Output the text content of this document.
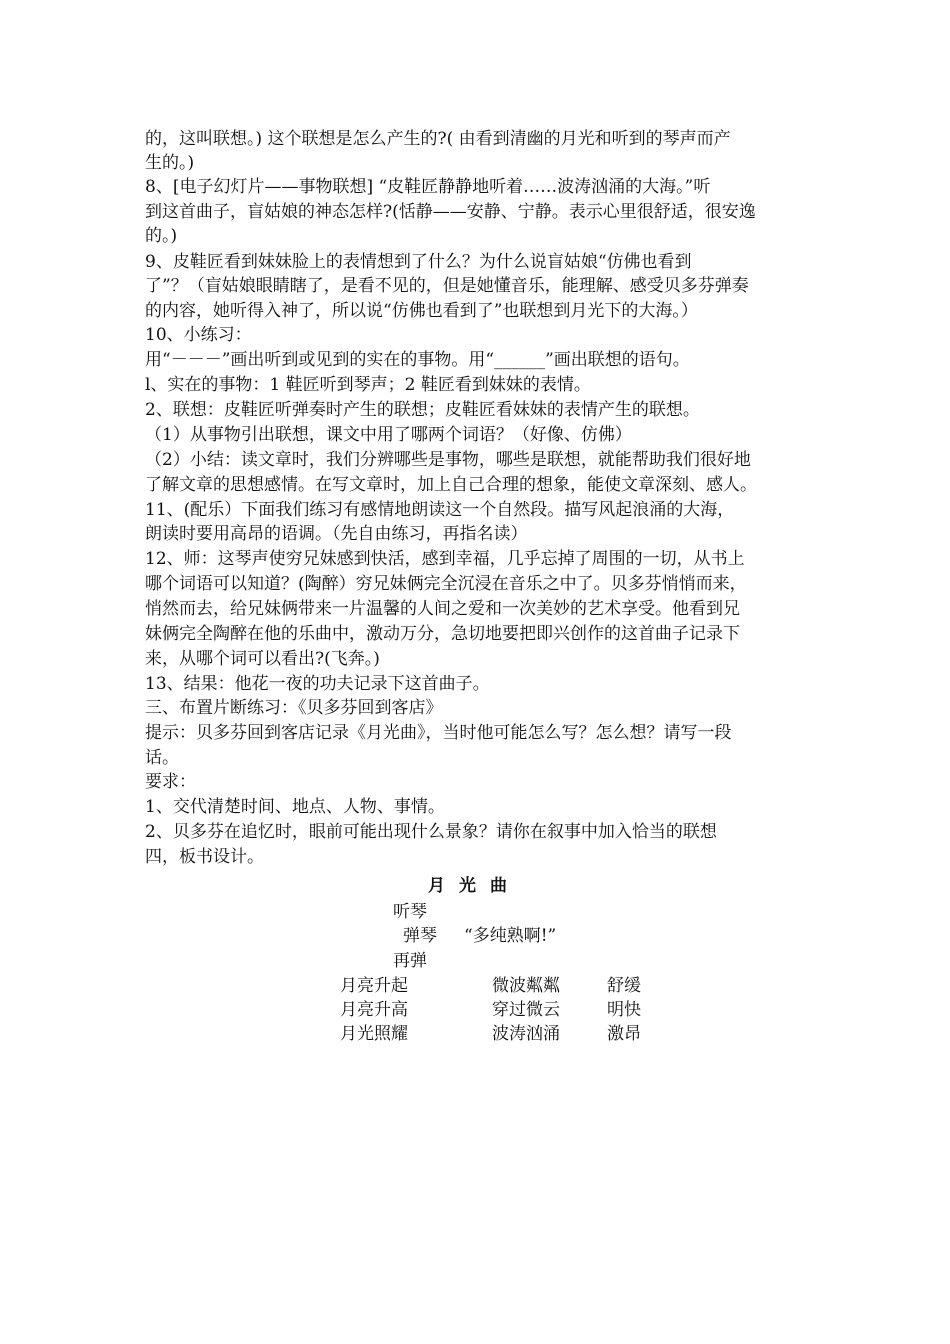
的，这叫联想。) 这个联想是怎么产生的?( 由看到清幽的月光和听到的琴声而产
生的。)
8、[电子幻灯片——事物联想] “皮鞋匠静静地听着……波涛汹涌的大海。”听
到这首曲子，盲姑娘的神态怎样?(恬静——安静、宁静。表示心里很舒适，很安逸
的。)
9、皮鞋匠看到妹妹脸上的表情想到了什么？为什么说盲姑娘“仿佛也看到
了”？（盲姑娘眼睛瞎了，是看不见的，但是她懂音乐，能理解、感受贝多芬弹奏
的内容，她听得入神了，所以说“仿佛也看到了”也联想到月光下的大海。）
10、小练习：
用“－－－”画出听到或见到的实在的事物。用“______”画出联想的语句。
l、实在的事物：1 鞋匠听到琴声；2 鞋匠看到妹妹的表情。
2、联想：皮鞋匠听弹奏时产生的联想；皮鞋匠看妹妹的表情产生的联想。
（1）从事物引出联想，课文中用了哪两个词语？（好像、仿佛）
（2）小结：读文章时，我们分辨哪些是事物，哪些是联想，就能帮助我们很好地
了解文章的思想感情。在写文章时，加上自己合理的想象，能使文章深刻、感人。
11、(配乐）下面我们练习有感情地朗读这一个自然段。描写风起浪涌的大海，
朗读时要用高昂的语调。（先自由练习，再指名读）
12、师：这琴声使穷兄妹感到快活，感到幸福，几乎忘掉了周围的一切，从书上
哪个词语可以知道？(陶醉）穷兄妹俩完全沉浸在音乐之中了。贝多芬悄悄而来，
悄然而去，给兄妹俩带来一片温馨的人间之爱和一次美妙的艺术享受。他看到兄
妹俩完全陶醉在他的乐曲中，激动万分，急切地要把即兴创作的这首曲子记录下
来，从哪个词可以看出?(飞奔。)
13、结果：他花一夜的功夫记录下这首曲子。
三、布置片断练习：《贝多芬回到客店》
提示：贝多芬回到客店记录《月光曲》，当时他可能怎么写？怎么想？请写一段
话。
要求：
1、交代清楚时间、地点、人物、事情。
2、贝多芬在追忆时，眼前可能出现什么景象？请你在叙事中加入恰当的联想
四，板书设计。
月光曲
听琴
弹琴 “多纯熟啊!”
再弹
月亮升起	微波粼粼	舒缓
月亮升高	穿过微云	明快
月光照耀	波涛汹涌	激昂
